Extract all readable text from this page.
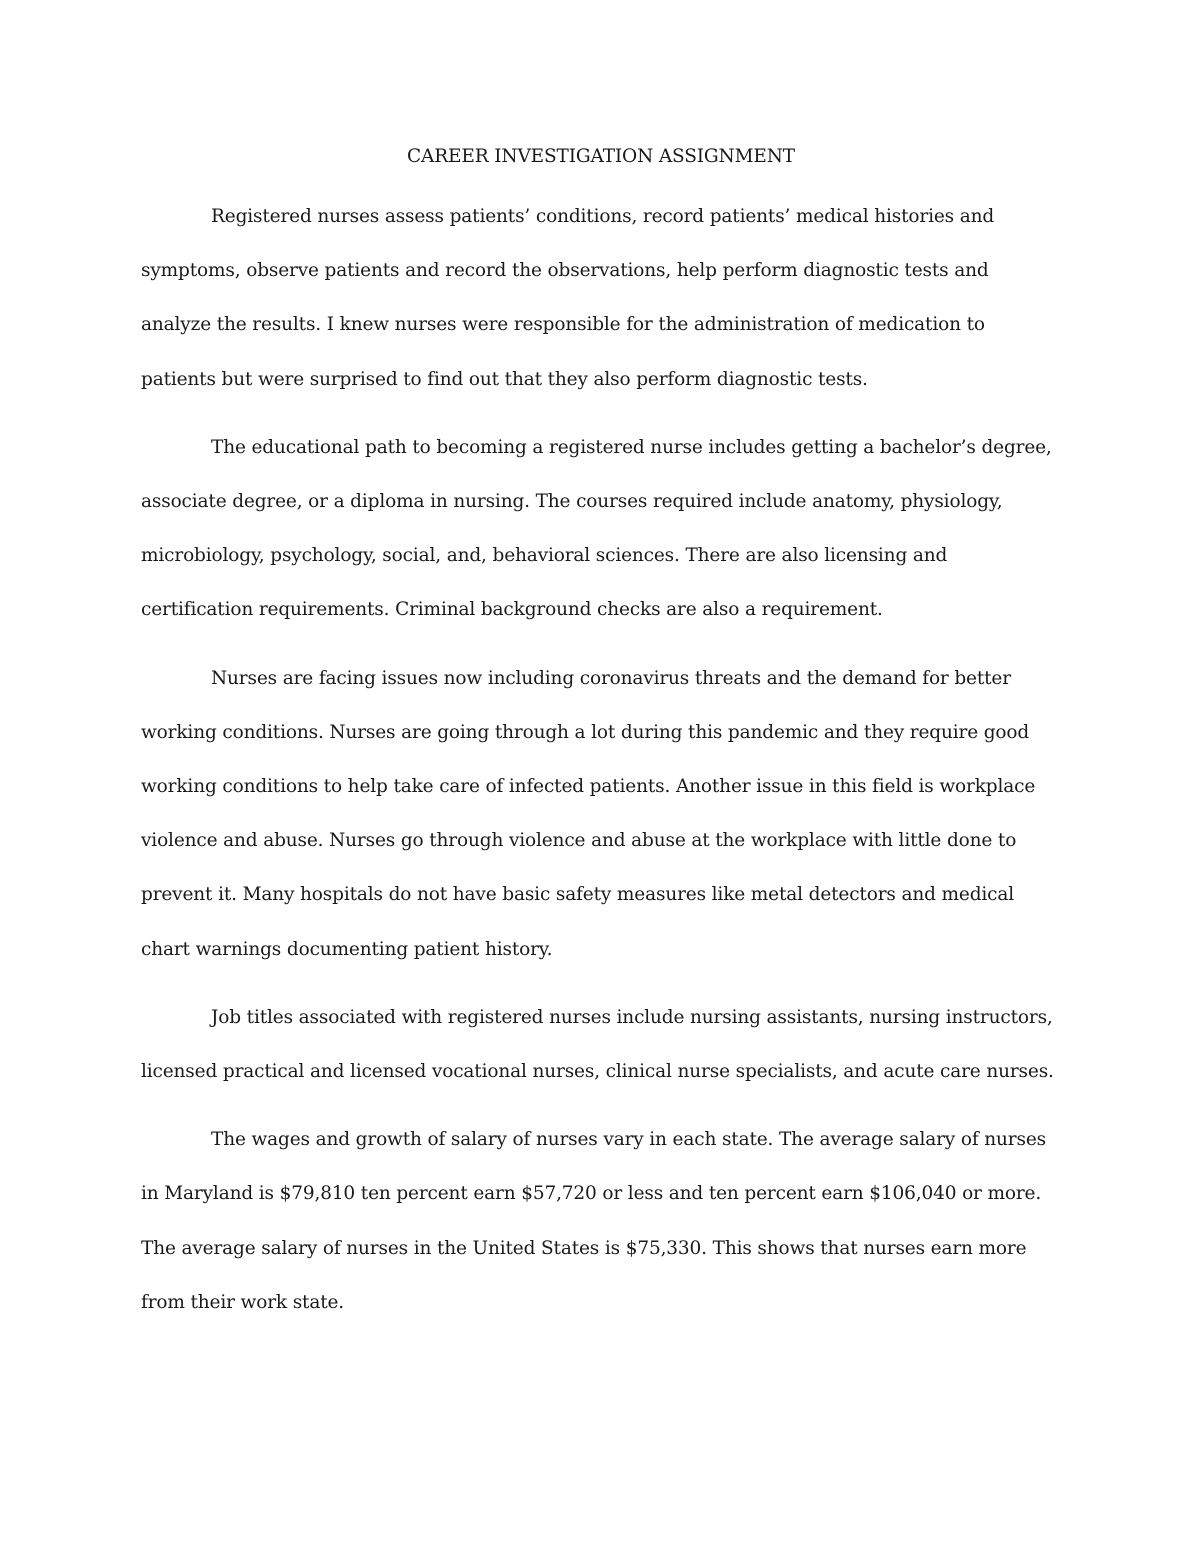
CAREER INVESTIGATION ASSIGNMENT

Registered nurses assess patients’ conditions, record patients’ medical histories and symptoms, observe patients and record the observations, help perform diagnostic tests and analyze the results. I knew nurses were responsible for the administration of medication to patients but were surprised to find out that they also perform diagnostic tests.

The educational path to becoming a registered nurse includes getting a bachelor’s degree, associate degree, or a diploma in nursing. The courses required include anatomy, physiology, microbiology, psychology, social, and, behavioral sciences. There are also licensing and certification requirements. Criminal background checks are also a requirement.

Nurses are facing issues now including coronavirus threats and the demand for better working conditions. Nurses are going through a lot during this pandemic and they require good working conditions to help take care of infected patients. Another issue in this field is workplace violence and abuse. Nurses go through violence and abuse at the workplace with little done to prevent it. Many hospitals do not have basic safety measures like metal detectors and medical chart warnings documenting patient history.

Job titles associated with registered nurses include nursing assistants, nursing instructors, licensed practical and licensed vocational nurses, clinical nurse specialists, and acute care nurses.

The wages and growth of salary of nurses vary in each state. The average salary of nurses in Maryland is $79,810 ten percent earn $57,720 or less and ten percent earn $106,040 or more. The average salary of nurses in the United States is $75,330. This shows that nurses earn more from their work state.
